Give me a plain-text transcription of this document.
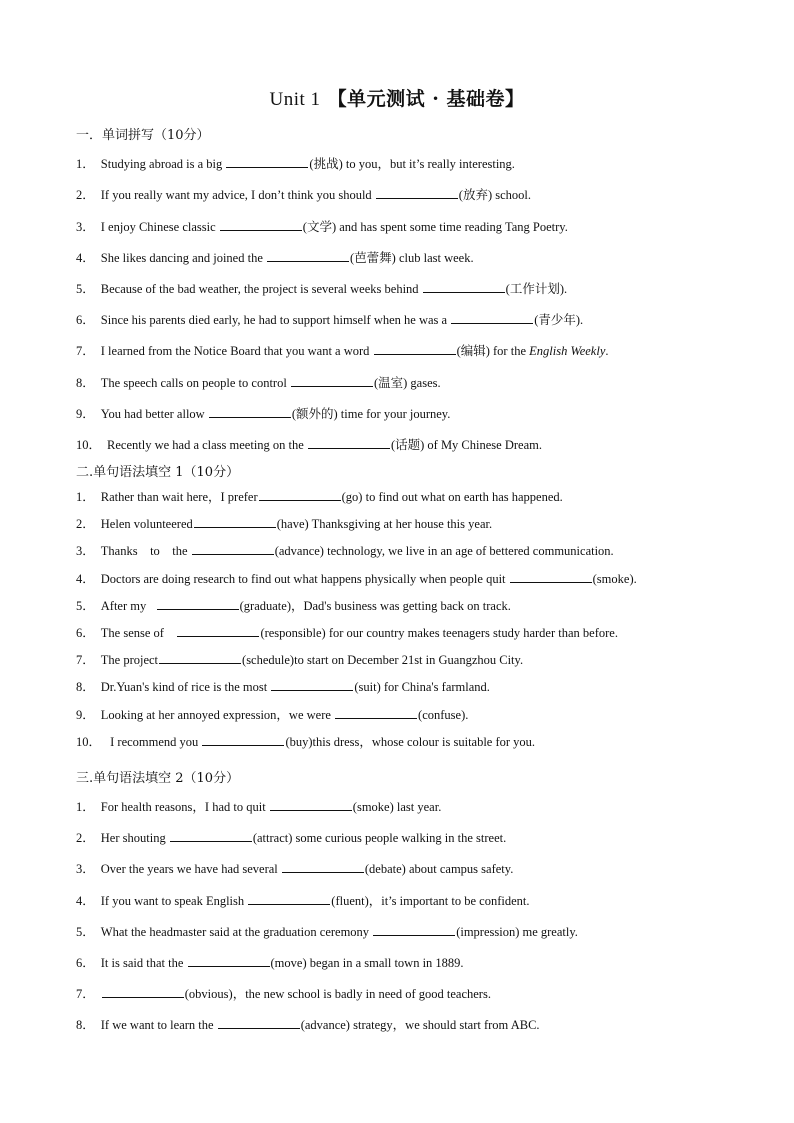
Unit 1 【单元测试 · 基础卷】
一．单词拼写（10分）
1． Studying abroad is a big	(挑战) to you，but it’s really interesting.
2． If you really want my advice, I don’t think you should	(放弃) school.
3． I enjoy Chinese classic	(文学) and has spent some time reading Tang Poetry.
4． She likes dancing and joined the	(芭蕾舞) club last week.
5． Because of the bad weather, the project is several weeks behind	(工作计划).
6． Since his parents died early, he had to support himself when he was a	(青少年).
7． I learned from the Notice Board that you want a word	(编辑) for the English Weekly.
8． The speech calls on people to control	(温室) gases.
9． You had better allow	(额外的) time for your journey.
10． Recently we had a class meeting on the	(话题) of My Chinese Dream.
二.单句语法填空 1（10分）
1． Rather than wait here，I prefer	(go) to find out what on earth has happened.
2． Helen volunteered	(have) Thanksgiving at her house this year.
3． Thanks    to    the	(advance) technology, we live in an age of bettered communication.
4． Doctors are doing research to find out what happens physically when people quit	(smoke).
5． After my	(graduate)，Dad's business was getting back on track.
6． The sense of	(responsible) for our country makes teenagers study harder than before.
7． The project	(schedule)to start on December 21st in Guangzhou City.
8． Dr.Yuan's kind of rice is the most	(suit) for China's farmland.
9． Looking at her annoyed expression，we were	(confuse).
10． I recommend you	(buy)this dress，whose colour is suitable for you.
三.单句语法填空 2（10分）
1． For health reasons，I had to quit	(smoke) last year.
2． Her shouting	(attract) some curious people walking in the street.
3． Over the years we have had several	(debate) about campus safety.
4． If you want to speak English	(fluent)，it’s important to be confident.
5． What the headmaster said at the graduation ceremony	(impression) me greatly.
6． It is said that the	(move) began in a small town in 1889.
7．	(obvious)，the new school is badly in need of good teachers.
8． If we want to learn the	(advance) strategy，we should start from ABC.
